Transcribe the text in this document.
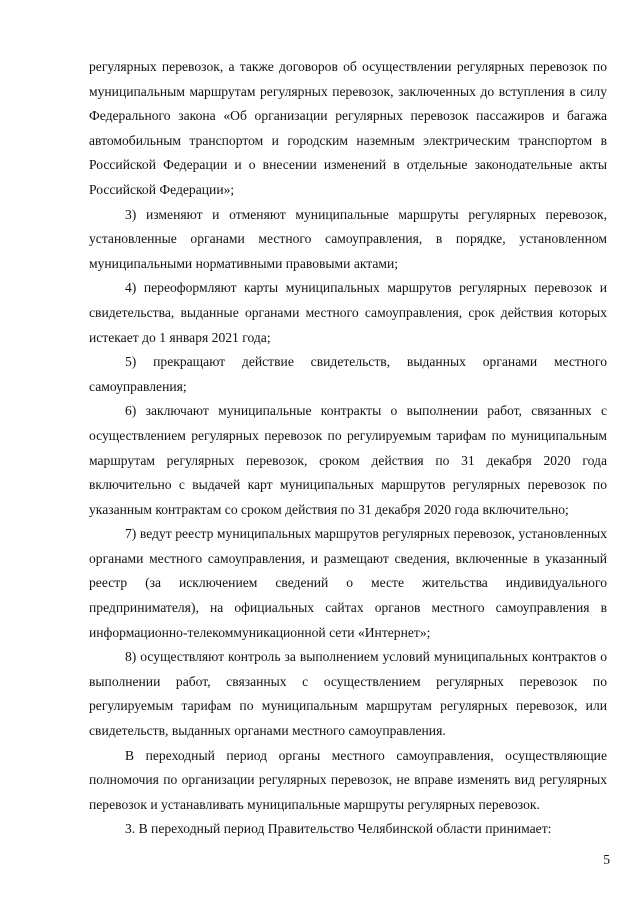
регулярных перевозок, а также договоров об осуществлении регулярных перевозок по муниципальным маршрутам регулярных перевозок, заключенных до вступления в силу Федерального закона «Об организации регулярных перевозок пассажиров и багажа автомобильным транспортом и городским наземным электрическим транспортом в Российской Федерации и о внесении изменений в отдельные законодательные акты Российской Федерации»;

3) изменяют и отменяют муниципальные маршруты регулярных перевозок, установленные органами местного самоуправления, в порядке, установленном муниципальными нормативными правовыми актами;

4) переоформляют карты муниципальных маршрутов регулярных перевозок и свидетельства, выданные органами местного самоуправления, срок действия которых истекает до 1 января 2021 года;

5) прекращают действие свидетельств, выданных органами местного самоуправления;

6) заключают муниципальные контракты о выполнении работ, связанных с осуществлением регулярных перевозок по регулируемым тарифам по муниципальным маршрутам регулярных перевозок, сроком действия по 31 декабря 2020 года включительно с выдачей карт муниципальных маршрутов регулярных перевозок по указанным контрактам со сроком действия по 31 декабря 2020 года включительно;

7) ведут реестр муниципальных маршрутов регулярных перевозок, установленных органами местного самоуправления, и размещают сведения, включенные в указанный реестр (за исключением сведений о месте жительства индивидуального предпринимателя), на официальных сайтах органов местного самоуправления в информационно-телекоммуникационной сети «Интернет»;

8) осуществляют контроль за выполнением условий муниципальных контрактов о выполнении работ, связанных с осуществлением регулярных перевозок по регулируемым тарифам по муниципальным маршрутам регулярных перевозок, или свидетельств, выданных органами местного самоуправления.

В переходный период органы местного самоуправления, осуществляющие полномочия по организации регулярных перевозок, не вправе изменять вид регулярных перевозок и устанавливать муниципальные маршруты регулярных перевозок.

3. В переходный период Правительство Челябинской области принимает:

5
